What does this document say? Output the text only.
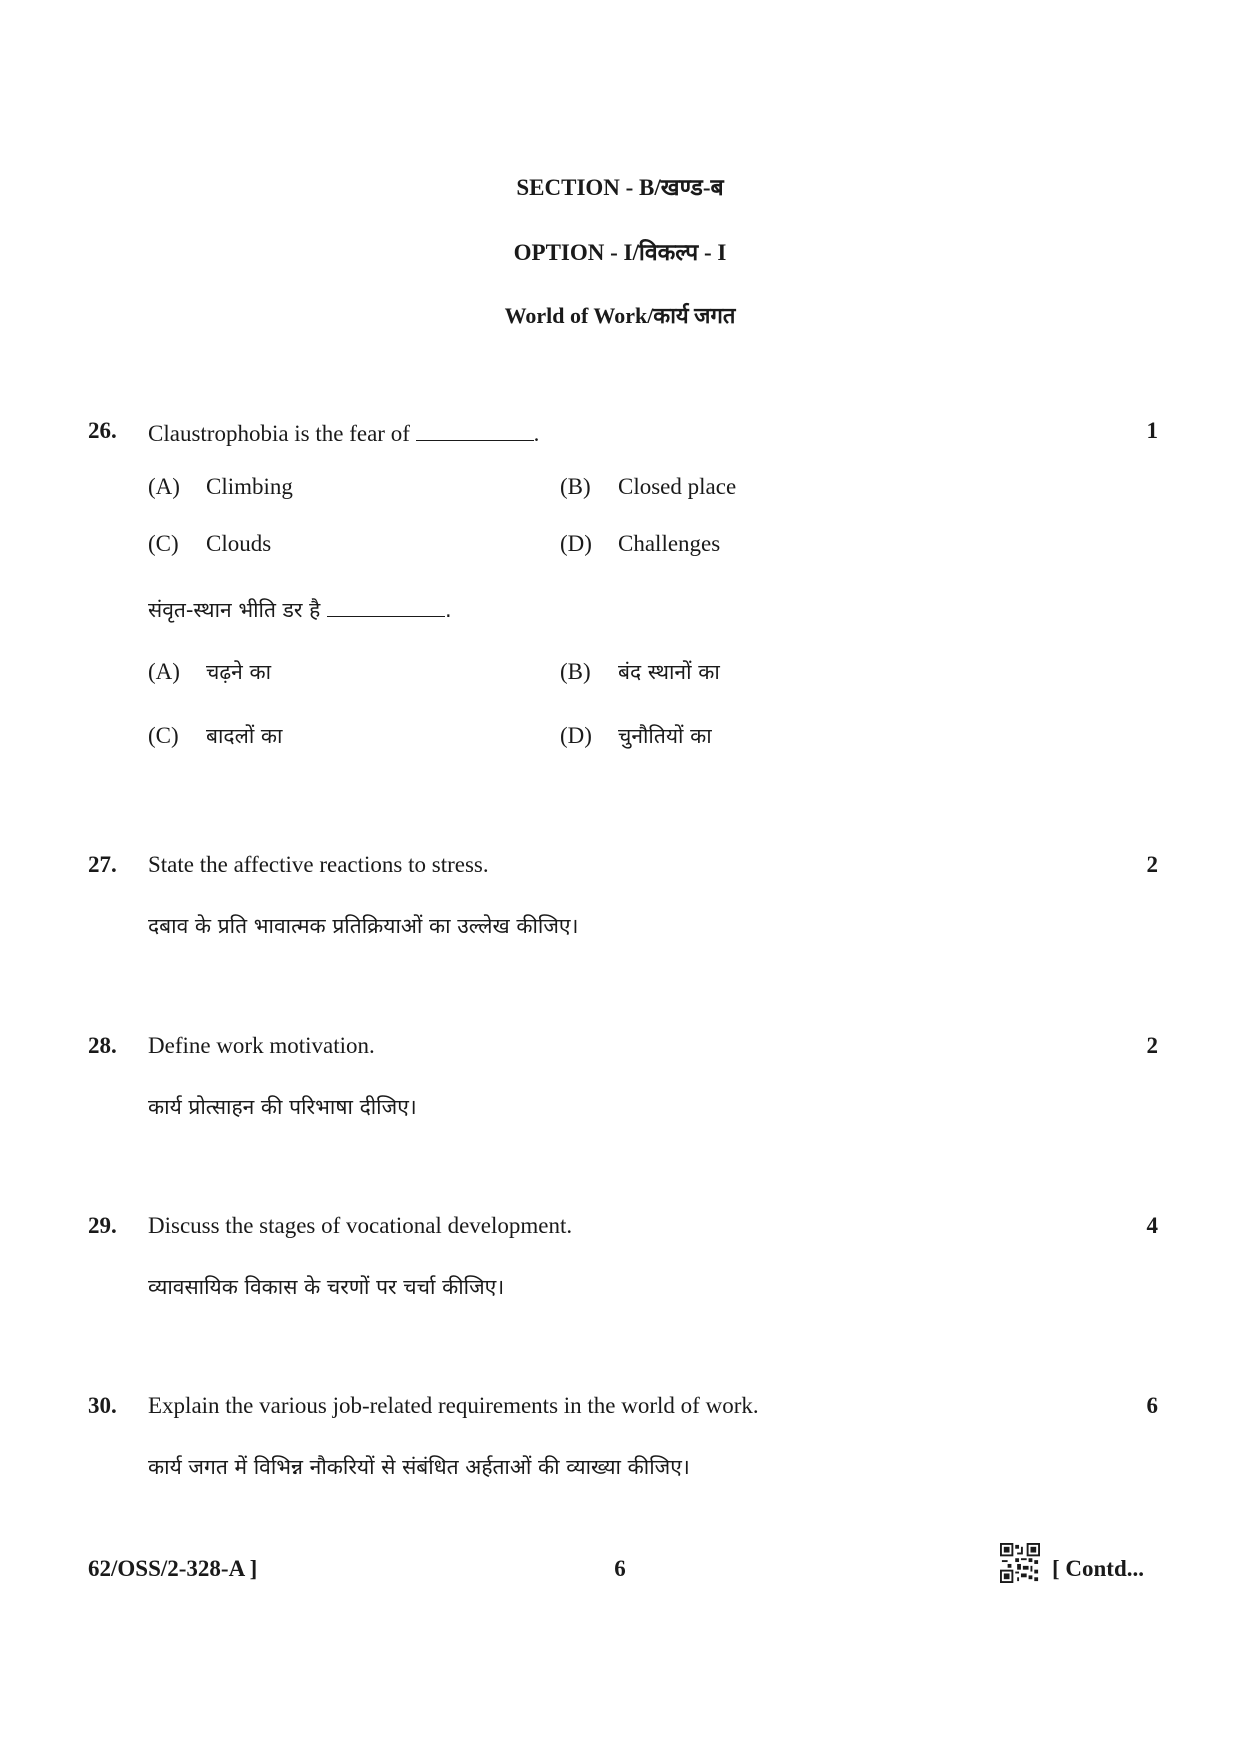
SECTION - B/खण्ड-ब
OPTION - I/विकल्प - I
World of Work/कार्य जगत
26. Claustrophobia is the fear of	.	1
(A) Climbing	(B) Closed place
(C) Clouds	(D) Challenges
संवृत-स्थान भीति डर है	.
(A) चढ़ने का	(B) बंद स्थानों का
(C) बादलों का	(D) चुनौतियों का
27. State the affective reactions to stress.	2
दबाव के प्रति भावात्मक प्रतिक्रियाओं का उल्लेख कीजिए।
28. Define work motivation.	2
कार्य प्रोत्साहन की परिभाषा दीजिए।
29. Discuss the stages of vocational development.	4
व्यावसायिक विकास के चरणों पर चर्चा कीजिए।
30. Explain the various job-related requirements in the world of work.	6
कार्य जगत में विभिन्न नौकरियों से संबंधित अर्हताओं की व्याख्या कीजिए।
62/OSS/2-328-A ]	6	[ Contd...
